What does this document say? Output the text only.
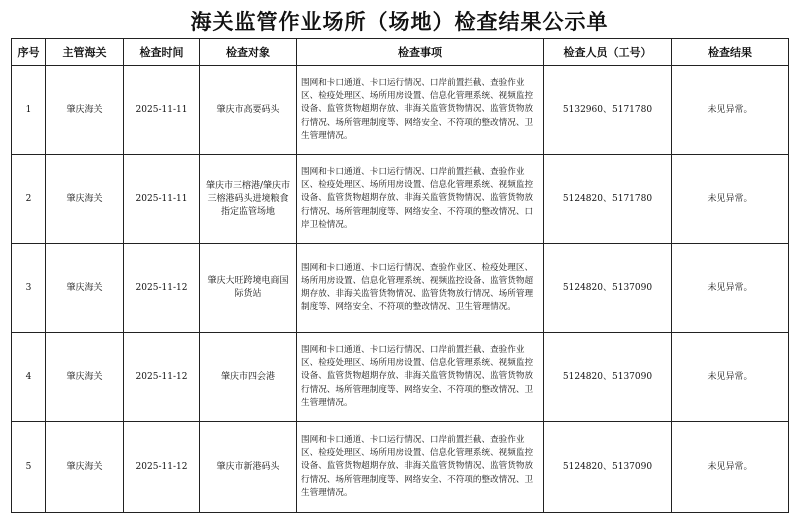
海关监管作业场所（场地）检查结果公示单
序号	主管海关	检查时间	检查对象	检查事项	检查人员（工号）	检查结果
1	肇庆海关	2025-11-11	肇庆市高要码头	围网和卡口通道、卡口运行情况、口岸前置拦截、查验作业区、检疫处理区、场所用房设置、信息化管理系统、视频监控设备、监管货物超期存放、非海关监管货物情况、监管货物放行情况、场所管理制度等、网络安全、不符项的整改情况、卫生管理情况。	5132960、5171780	未见异常。
2	肇庆海关	2025-11-11	肇庆市三榕港/肇庆市三榕港码头进境粮食指定监管场地	围网和卡口通道、卡口运行情况、口岸前置拦截、查验作业区、检疫处理区、场所用房设置、信息化管理系统、视频监控设备、监管货物超期存放、非海关监管货物情况、监管货物放行情况、场所管理制度等、网络安全、不符项的整改情况、口岸卫检情况。	5124820、5171780	未见异常。
3	肇庆海关	2025-11-12	肇庆大旺跨境电商国际货站	围网和卡口通道、卡口运行情况、查验作业区、检疫处理区、场所用房设置、信息化管理系统、视频监控设备、监管货物超期存放、非海关监管货物情况、监管货物放行情况、场所管理制度等、网络安全、不符项的整改情况、卫生管理情况。	5124820、5137090	未见异常。
4	肇庆海关	2025-11-12	肇庆市四会港	围网和卡口通道、卡口运行情况、口岸前置拦截、查验作业区、检疫处理区、场所用房设置、信息化管理系统、视频监控设备、监管货物超期存放、非海关监管货物情况、监管货物放行情况、场所管理制度等、网络安全、不符项的整改情况、卫生管理情况。	5124820、5137090	未见异常。
5	肇庆海关	2025-11-12	肇庆市新港码头	围网和卡口通道、卡口运行情况、口岸前置拦截、查验作业区、检疫处理区、场所用房设置、信息化管理系统、视频监控设备、监管货物超期存放、非海关监管货物情况、监管货物放行情况、场所管理制度等、网络安全、不符项的整改情况、卫生管理情况。	5124820、5137090	未见异常。
